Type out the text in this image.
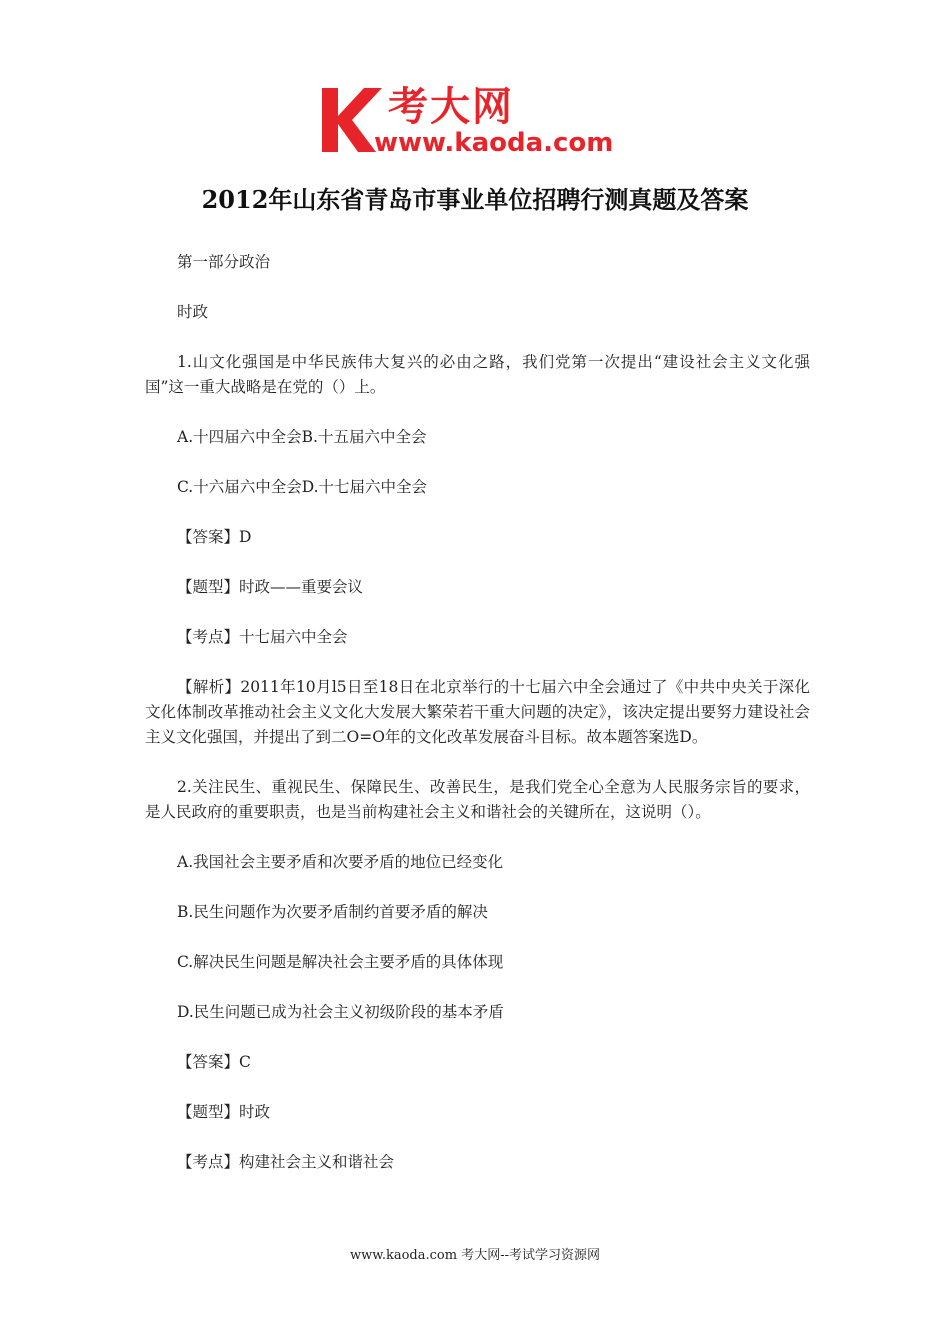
考大网
www.kaoda.com
2012年山东省青岛市事业单位招聘行测真题及答案

第一部分政治

时政

1.山文化强国是中华民族伟大复兴的必由之路，我们党第一次提出“建设社会主义文化强国”这一重大战略是在党的（）上。

A.十四届六中全会B.十五届六中全会

C.十六届六中全会D.十七届六中全会

【答案】D

【题型】时政——重要会议

【考点】十七届六中全会

【解析】2011年10月l5日至18日在北京举行的十七届六中全会通过了《中共中央关于深化文化体制改革推动社会主义文化大发展大繁荣若干重大问题的决定》，该决定提出要努力建设社会主义文化强国，并提出了到二O=O年的文化改革发展奋斗目标。故本题答案选D。

2.关注民生、重视民生、保障民生、改善民生，是我们党全心全意为人民服务宗旨的要求，是人民政府的重要职责，也是当前构建社会主义和谐社会的关键所在，这说明（）。

A.我国社会主要矛盾和次要矛盾的地位已经变化

B.民生问题作为次要矛盾制约首要矛盾的解决

C.解决民生问题是解决社会主要矛盾的具体体现

D.民生问题已成为社会主义初级阶段的基本矛盾

【答案】C

【题型】时政

【考点】构建社会主义和谐社会

www.kaoda.com 考大网--考试学习资源网
